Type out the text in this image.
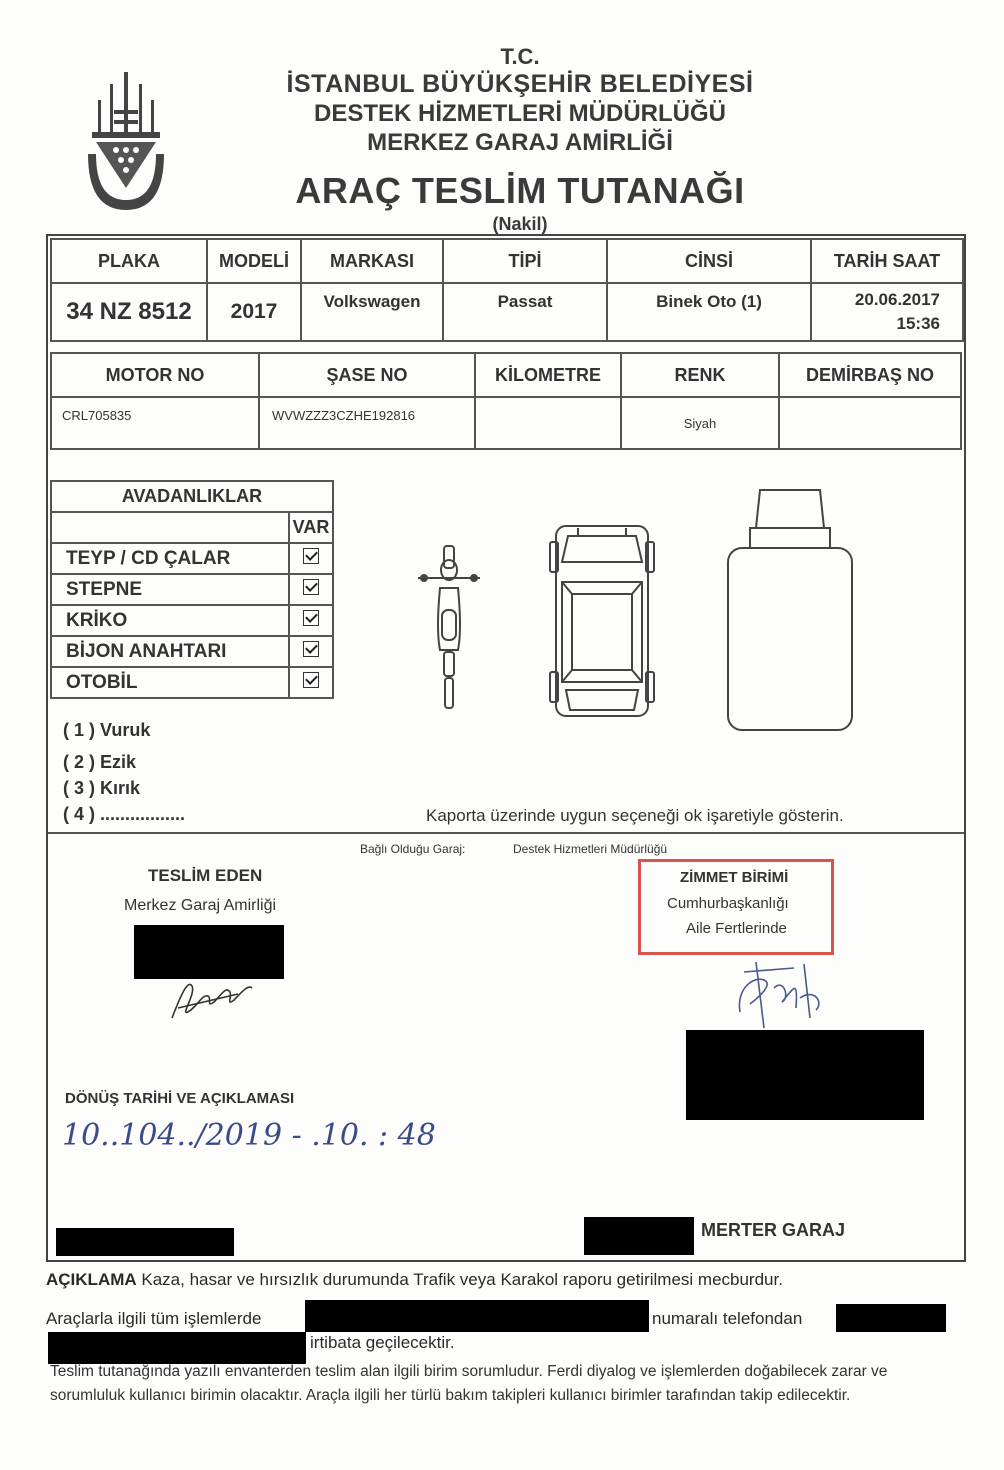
T.C.
İSTANBUL BÜYÜKŞEHİR BELEDİYESİ
DESTEK HİZMETLERİ MÜDÜRLÜĞÜ
MERKEZ GARAJ AMİRLİĞİ
ARAÇ TESLİM TUTANAĞI
(Nakil)
PLAKA	MODELİ	MARKASI	TİPİ	CİNSİ	TARİH SAAT
34 NZ 8512	2017	Volkswagen	Passat	Binek Oto (1)	20.06.2017
15:36
MOTOR NO	ŞASE NO	KİLOMETRE	RENK	DEMİRBAŞ NO
CRL705835	WVWZZZ3CZHE192816		Siyah	
AVADANLIKLAR	
	VAR
TEYP / CD ÇALAR	
STEPNE	
KRİKO	
BİJON ANAHTARI	
OTOBİL	
( 1 ) Vuruk
( 2 ) Ezik
( 3 ) Kırık
( 4 ) .................	Kaporta üzerinde uygun seçeneği ok işaretiyle gösterin.
Bağlı Olduğu Garaj:	Destek Hizmetleri Müdürlüğü
TESLİM EDEN
Merkez Garaj Amirliği
ZİMMET BİRİMİ
Cumhurbaşkanlığı
Aile Fertlerinde
DÖNÜŞ TARİHİ VE AÇIKLAMASI
10..104../2019 - .10. : 48
MERTER GARAJ
AÇIKLAMA Kaza, hasar ve hırsızlık durumunda Trafik veya Karakol raporu getirilmesi mecburdur.
Araçlarla ilgili tüm işlemlerde	numaralı telefondan
irtibata geçilecektir.
Teslim tutanağında yazılı envanterden teslim alan ilgili birim sorumludur. Ferdi diyalog ve işlemlerden doğabilecek zarar ve sorumluluk kullanıcı birimin olacaktır. Araçla ilgili her türlü bakım takipleri kullanıcı birimler tarafından takip edilecektir.
